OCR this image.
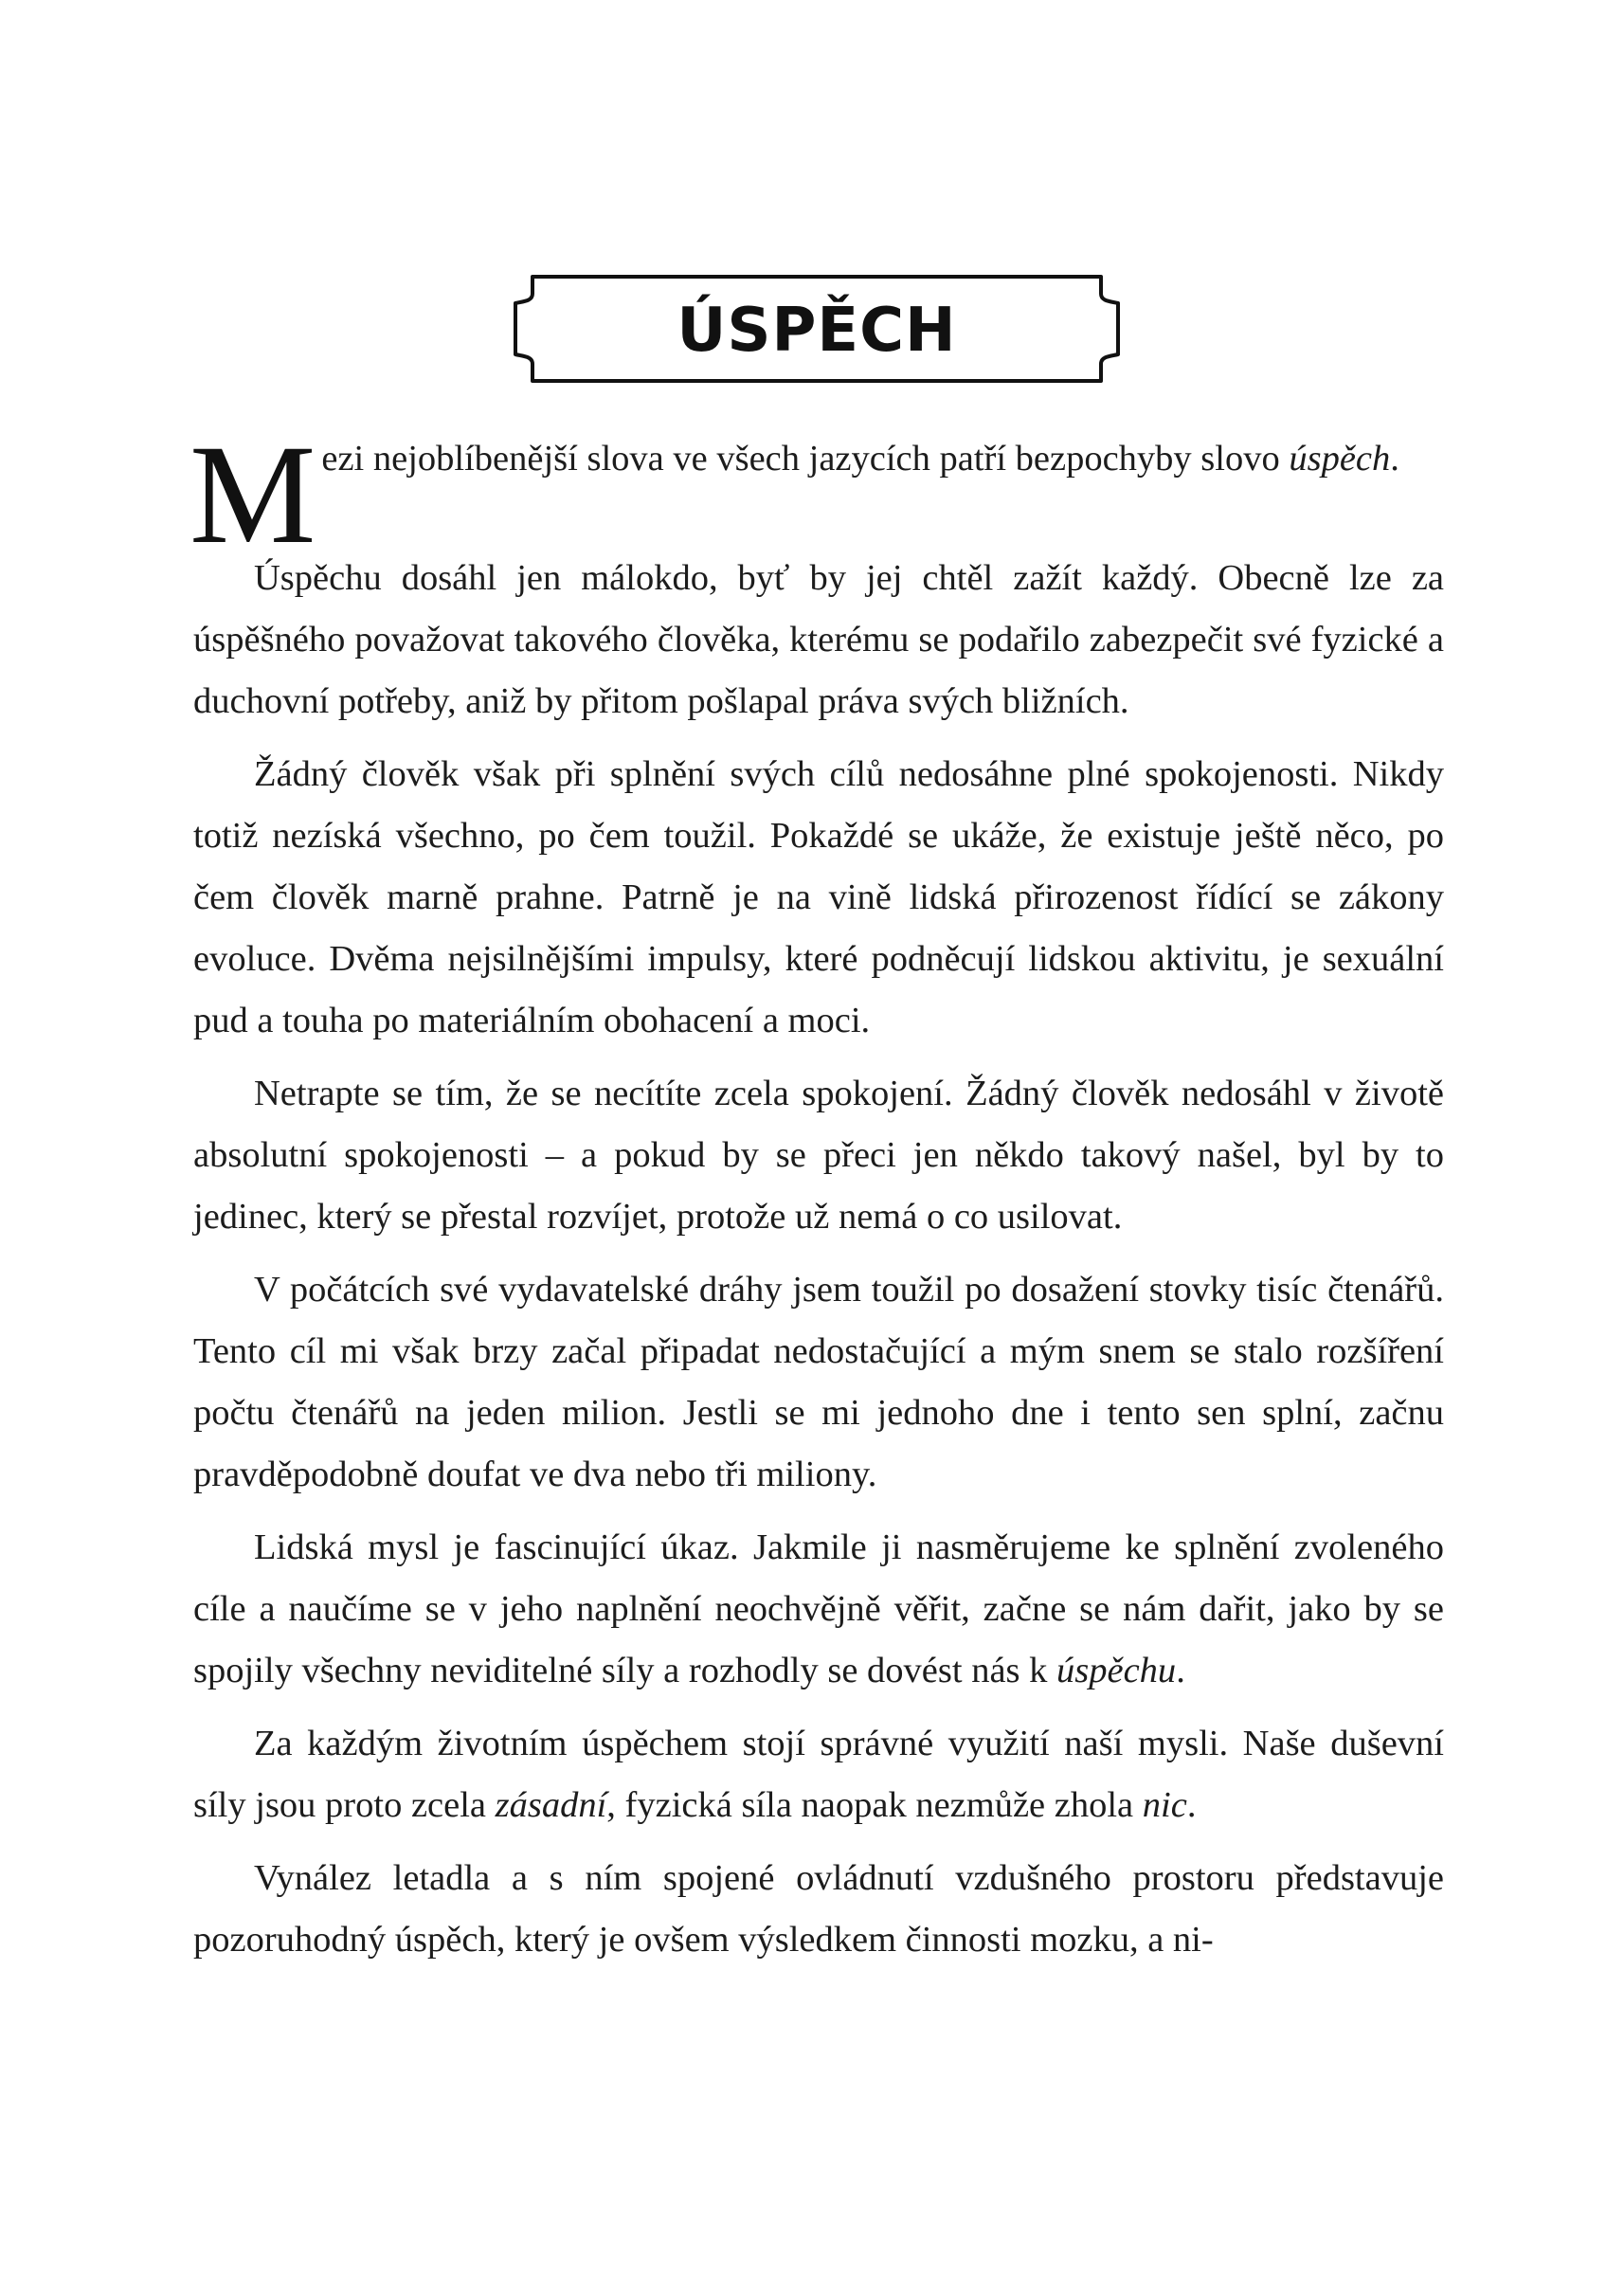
ÚSPĚCH

Mezi nejoblíbenější slova ve všech jazycích patří bezpochyby slovo úspěch.

Úspěchu dosáhl jen málokdo, byť by jej chtěl zažít každý. Obecně lze za úspěšného považovat takového člověka, kterému se podařilo zabezpečit své fyzické a duchovní potřeby, aniž by přitom pošlapal práva svých bližních.

Žádný člověk však při splnění svých cílů nedosáhne plné spokojenosti. Nikdy totiž nezíská všechno, po čem toužil. Pokaždé se ukáže, že existuje ještě něco, po čem člověk marně prahne. Patrně je na vině lidská přirozenost řídící se zákony evoluce. Dvěma nejsilnějšími impulsy, které podněcují lidskou aktivitu, je sexuální pud a touha po materiálním obohacení a moci.

Netrapte se tím, že se necítíte zcela spokojení. Žádný člověk nedosáhl v životě absolutní spokojenosti – a pokud by se přeci jen někdo takový našel, byl by to jedinec, který se přestal rozvíjet, protože už nemá o co usilovat.

V počátcích své vydavatelské dráhy jsem toužil po dosažení stovky tisíc čtenářů. Tento cíl mi však brzy začal připadat nedostačující a mým snem se stalo rozšíření počtu čtenářů na jeden milion. Jestli se mi jednoho dne i tento sen splní, začnu pravděpodobně doufat ve dva nebo tři miliony.

Lidská mysl je fascinující úkaz. Jakmile ji nasměrujeme ke splnění zvoleného cíle a naučíme se v jeho naplnění neochvějně věřit, začne se nám dařit, jako by se spojily všechny neviditelné síly a rozhodly se dovést nás k úspěchu.

Za každým životním úspěchem stojí správné využití naší mysli. Naše duševní síly jsou proto zcela zásadní, fyzická síla naopak nezmůže zhola nic.

Vynález letadla a s ním spojené ovládnutí vzdušného prostoru představuje pozoruhodný úspěch, který je ovšem výsledkem činnosti mozku, a ni-
